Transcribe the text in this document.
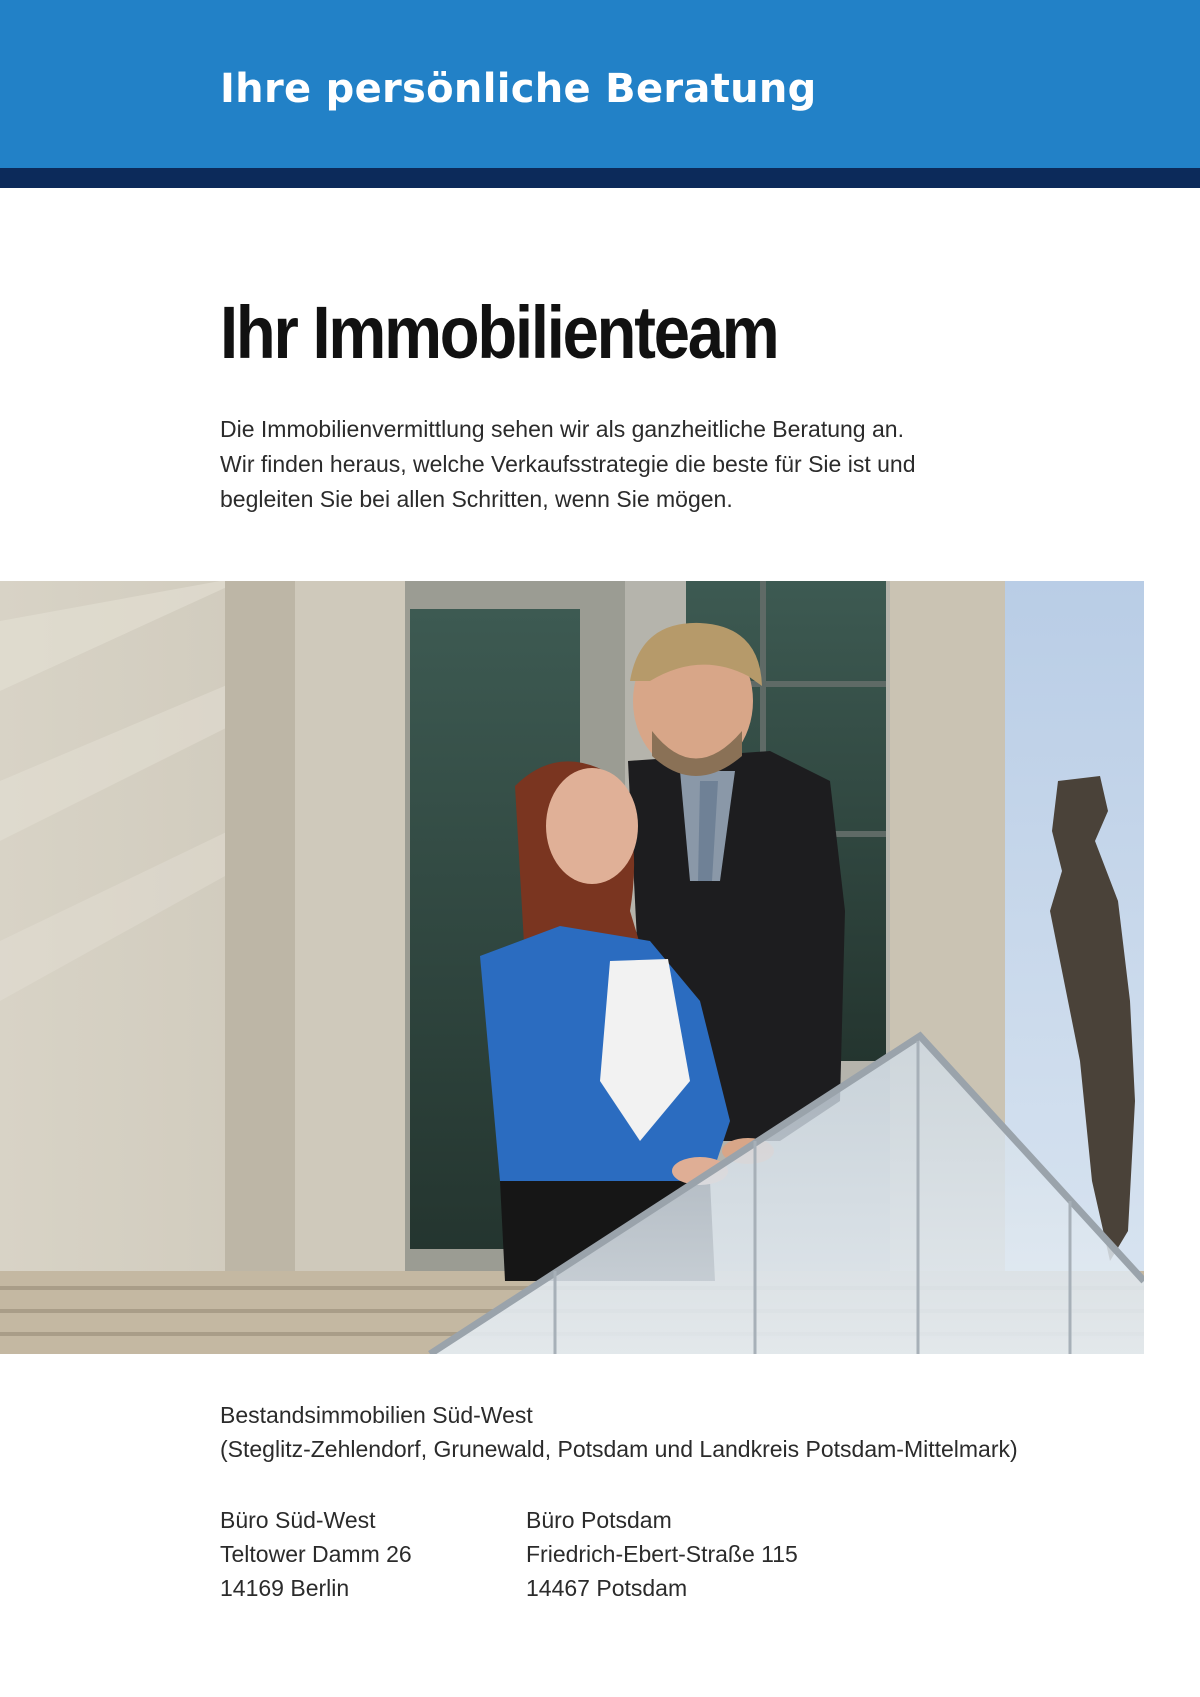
Ihre persönliche Beratung
Ihr Immobilienteam

Die Immobilienvermittlung sehen wir als ganzheitliche Beratung an.
Wir finden heraus, welche Verkaufsstrategie die beste für Sie ist und
begleiten Sie bei allen Schritten, wenn Sie mögen.

Bestandsimmobilien Süd-West
(Steglitz-Zehlendorf, Grunewald, Potsdam und Landkreis Potsdam-Mittelmark)

Büro Süd-West
Teltower Damm 26
14169 Berlin
Büro Potsdam
Friedrich-Ebert-Straße 115
14467 Potsdam
